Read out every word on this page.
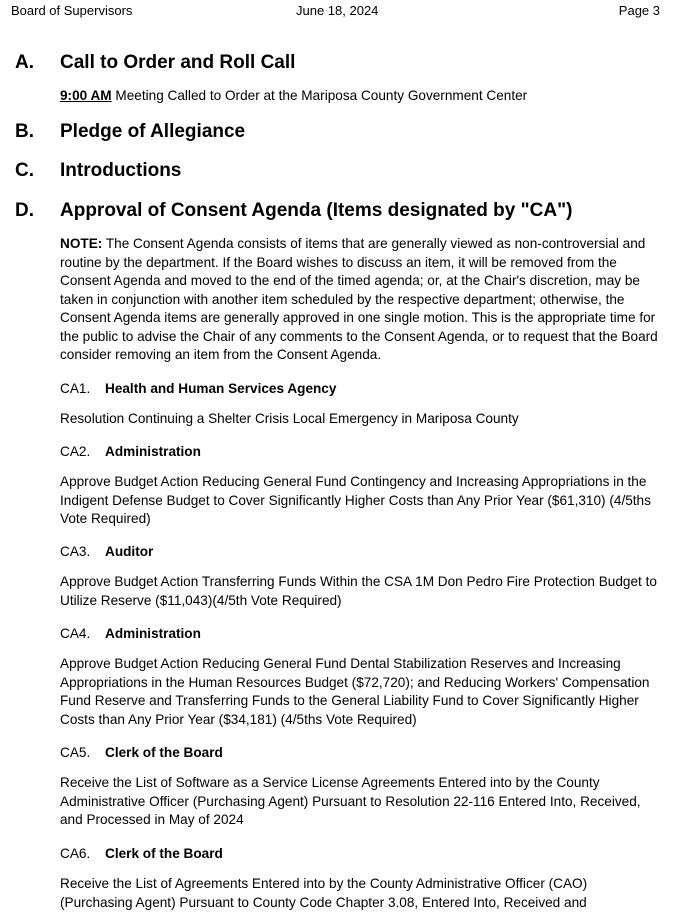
Board of Supervisors	June 18, 2024	Page 3
A. Call to Order and Roll Call
9:00 AM Meeting Called to Order at the Mariposa County Government Center
B. Pledge of Allegiance
C. Introductions
D. Approval of Consent Agenda (Items designated by "CA")
NOTE: The Consent Agenda consists of items that are generally viewed as non-controversial and routine by the department. If the Board wishes to discuss an item, it will be removed from the Consent Agenda and moved to the end of the timed agenda; or, at the Chair's discretion, may be taken in conjunction with another item scheduled by the respective department; otherwise, the Consent Agenda items are generally approved in one single motion. This is the appropriate time for the public to advise the Chair of any comments to the Consent Agenda, or to request that the Board consider removing an item from the Consent Agenda.
CA1. Health and Human Services Agency
Resolution Continuing a Shelter Crisis Local Emergency in Mariposa County
CA2. Administration
Approve Budget Action Reducing General Fund Contingency and Increasing Appropriations in the Indigent Defense Budget to Cover Significantly Higher Costs than Any Prior Year ($61,310) (4/5ths Vote Required)
CA3. Auditor
Approve Budget Action Transferring Funds Within the CSA 1M Don Pedro Fire Protection Budget to Utilize Reserve ($11,043)(4/5th Vote Required)
CA4. Administration
Approve Budget Action Reducing General Fund Dental Stabilization Reserves and Increasing Appropriations in the Human Resources Budget ($72,720); and Reducing Workers' Compensation Fund Reserve and Transferring Funds to the General Liability Fund to Cover Significantly Higher Costs than Any Prior Year ($34,181) (4/5ths Vote Required)
CA5. Clerk of the Board
Receive the List of Software as a Service License Agreements Entered into by the County Administrative Officer (Purchasing Agent) Pursuant to Resolution 22-116 Entered Into, Received, and Processed in May of 2024
CA6. Clerk of the Board
Receive the List of Agreements Entered into by the County Administrative Officer (CAO) (Purchasing Agent) Pursuant to County Code Chapter 3.08, Entered Into, Received and
